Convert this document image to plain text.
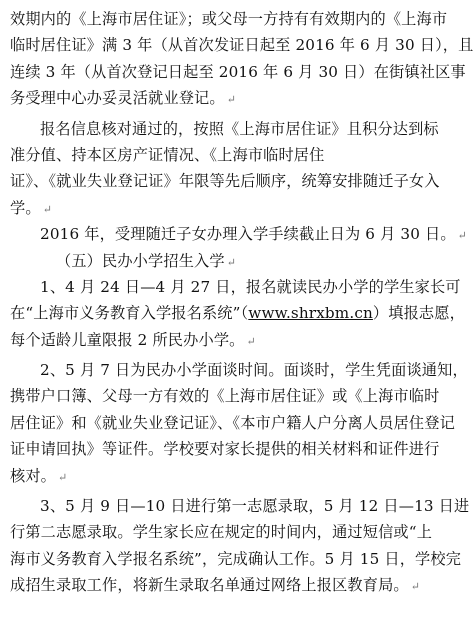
效期内的《上海市居住证》；或父母一方持有有效期内的《上海市
临时居住证》满 3 年（从首次发证日起至 2016 年 6 月 30 日），且
连续 3 年（从首次登记日起至 2016 年 6 月 30 日）在街镇社区事
务受理中心办妥灵活就业登记。 ↵
报名信息核对通过的，按照《上海市居住证》且积分达到标
准分值、持本区房产证情况、《上海市临时居住
证》、《就业失业登记证》年限等先后顺序，统筹安排随迁子女入
学。 ↵
2016 年，受理随迁子女办理入学手续截止日为 6 月 30 日。 ↵
（五）民办小学招生入学 ↵
1、4 月 24 日—4 月 27 日，报名就读民办小学的学生家长可
在“上海市义务教育入学报名系统”（www.shrxbm.cn）填报志愿，
每个适龄儿童限报 2 所民办小学。 ↵
2、5 月 7 日为民办小学面谈时间。面谈时，学生凭面谈通知，
携带户口簿、父母一方有效的《上海市居住证》或《上海市临时
居住证》和《就业失业登记证》、《本市户籍人户分离人员居住登记
证申请回执》等证件。学校要对家长提供的相关材料和证件进行
核对。 ↵
3、5 月 9 日—10 日进行第一志愿录取，5 月 12 日—13 日进
行第二志愿录取。学生家长应在规定的时间内，通过短信或“上
海市义务教育入学报名系统”，完成确认工作。5 月 15 日，学校完
成招生录取工作，将新生录取名单通过网络上报区教育局。 ↵
